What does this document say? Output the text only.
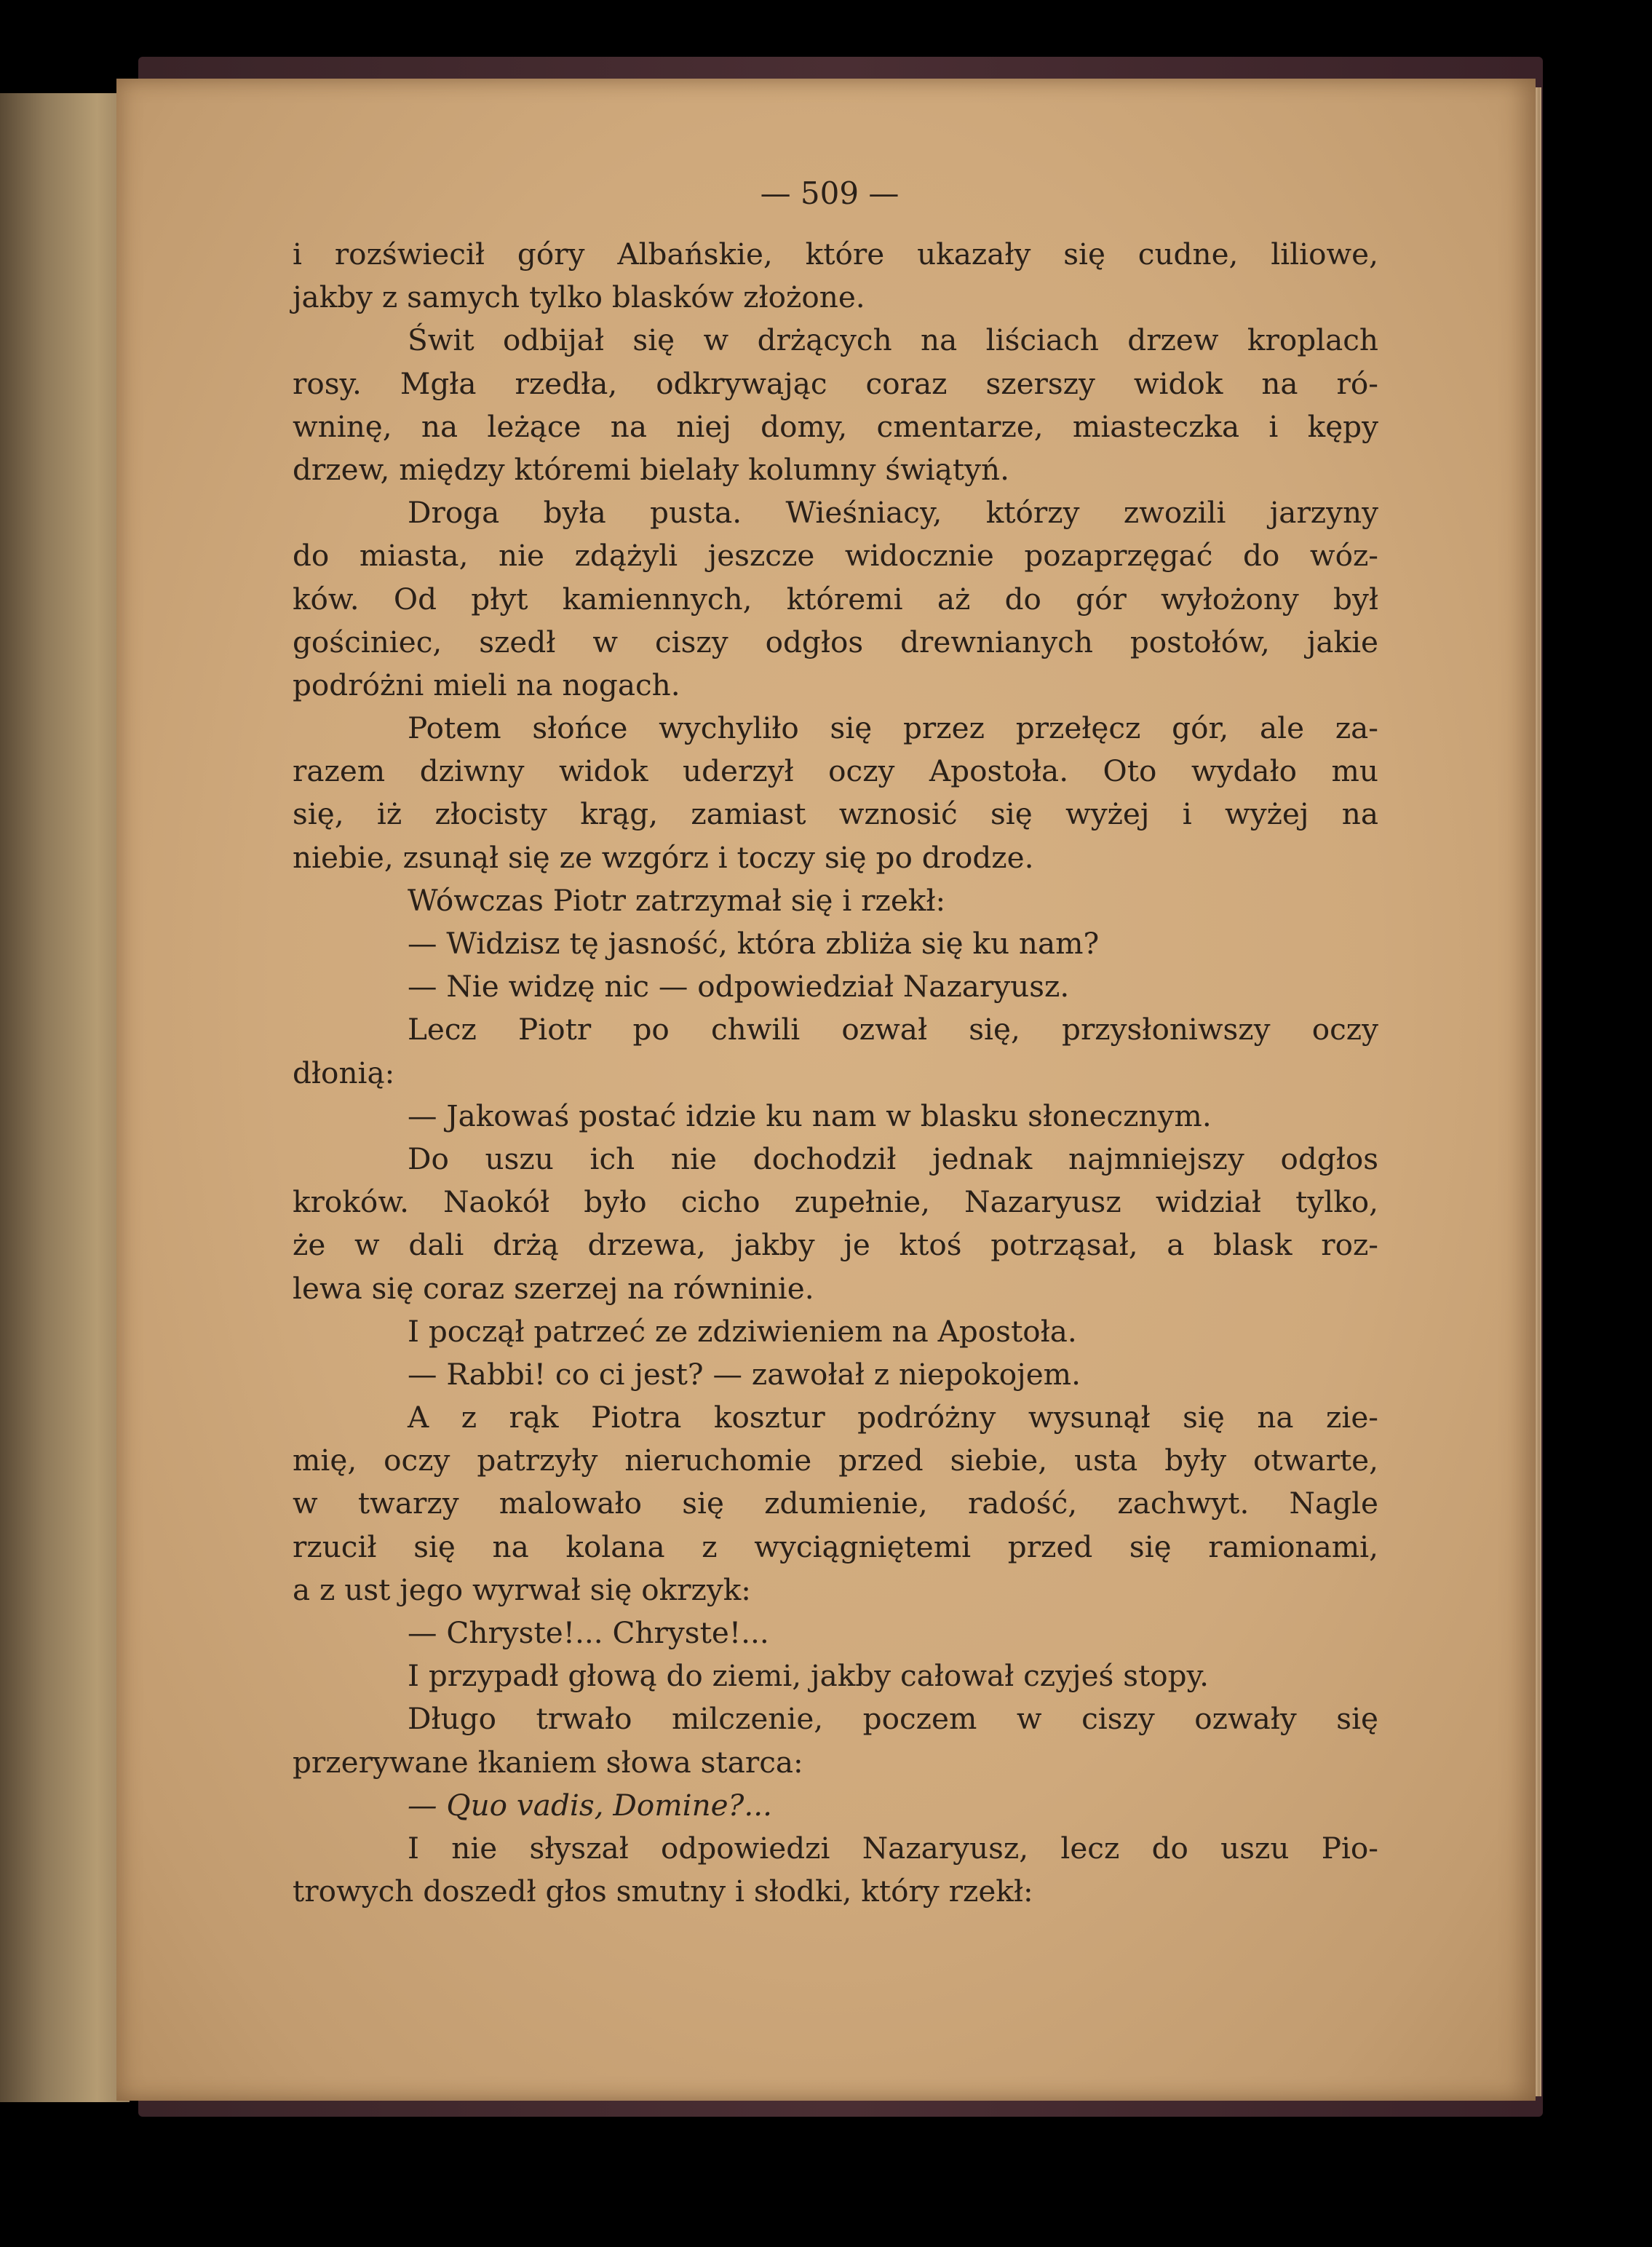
— 509 —
i rozświecił góry Albańskie, które ukazały się cudne, liliowe,
jakby z samych tylko blasków złożone.
Świt odbijał się w drżących na liściach drzew kroplach
rosy. Mgła rzedła, odkrywając coraz szerszy widok na ró-
wninę, na leżące na niej domy, cmentarze, miasteczka i kępy
drzew, między któremi bielały kolumny świątyń.
Droga była pusta. Wieśniacy, którzy zwozili jarzyny
do miasta, nie zdążyli jeszcze widocznie pozaprzęgać do wóz-
ków. Od płyt kamiennych, któremi aż do gór wyłożony był
gościniec, szedł w ciszy odgłos drewnianych postołów, jakie
podróżni mieli na nogach.
Potem słońce wychyliło się przez przełęcz gór, ale za-
razem dziwny widok uderzył oczy Apostoła. Oto wydało mu
się, iż złocisty krąg, zamiast wznosić się wyżej i wyżej na
niebie, zsunął się ze wzgórz i toczy się po drodze.
Wówczas Piotr zatrzymał się i rzekł:
— Widzisz tę jasność, która zbliża się ku nam?
— Nie widzę nic — odpowiedział Nazaryusz.
Lecz Piotr po chwili ozwał się, przysłoniwszy oczy
dłonią:
— Jakowaś postać idzie ku nam w blasku słonecznym.
Do uszu ich nie dochodził jednak najmniejszy odgłos
kroków. Naokół było cicho zupełnie, Nazaryusz widział tylko,
że w dali drżą drzewa, jakby je ktoś potrząsał, a blask roz-
lewa się coraz szerzej na równinie.
I począł patrzeć ze zdziwieniem na Apostoła.
— Rabbi! co ci jest? — zawołał z niepokojem.
A z rąk Piotra kosztur podróżny wysunął się na zie-
mię, oczy patrzyły nieruchomie przed siebie, usta były otwarte,
w twarzy malowało się zdumienie, radość, zachwyt. Nagle
rzucił się na kolana z wyciągniętemi przed się ramionami,
a z ust jego wyrwał się okrzyk:
— Chryste!... Chryste!...
I przypadł głową do ziemi, jakby całował czyjeś stopy.
Długo trwało milczenie, poczem w ciszy ozwały się
przerywane łkaniem słowa starca:
— Quo vadis, Domine?...
I nie słyszał odpowiedzi Nazaryusz, lecz do uszu Pio-
trowych doszedł głos smutny i słodki, który rzekł:
